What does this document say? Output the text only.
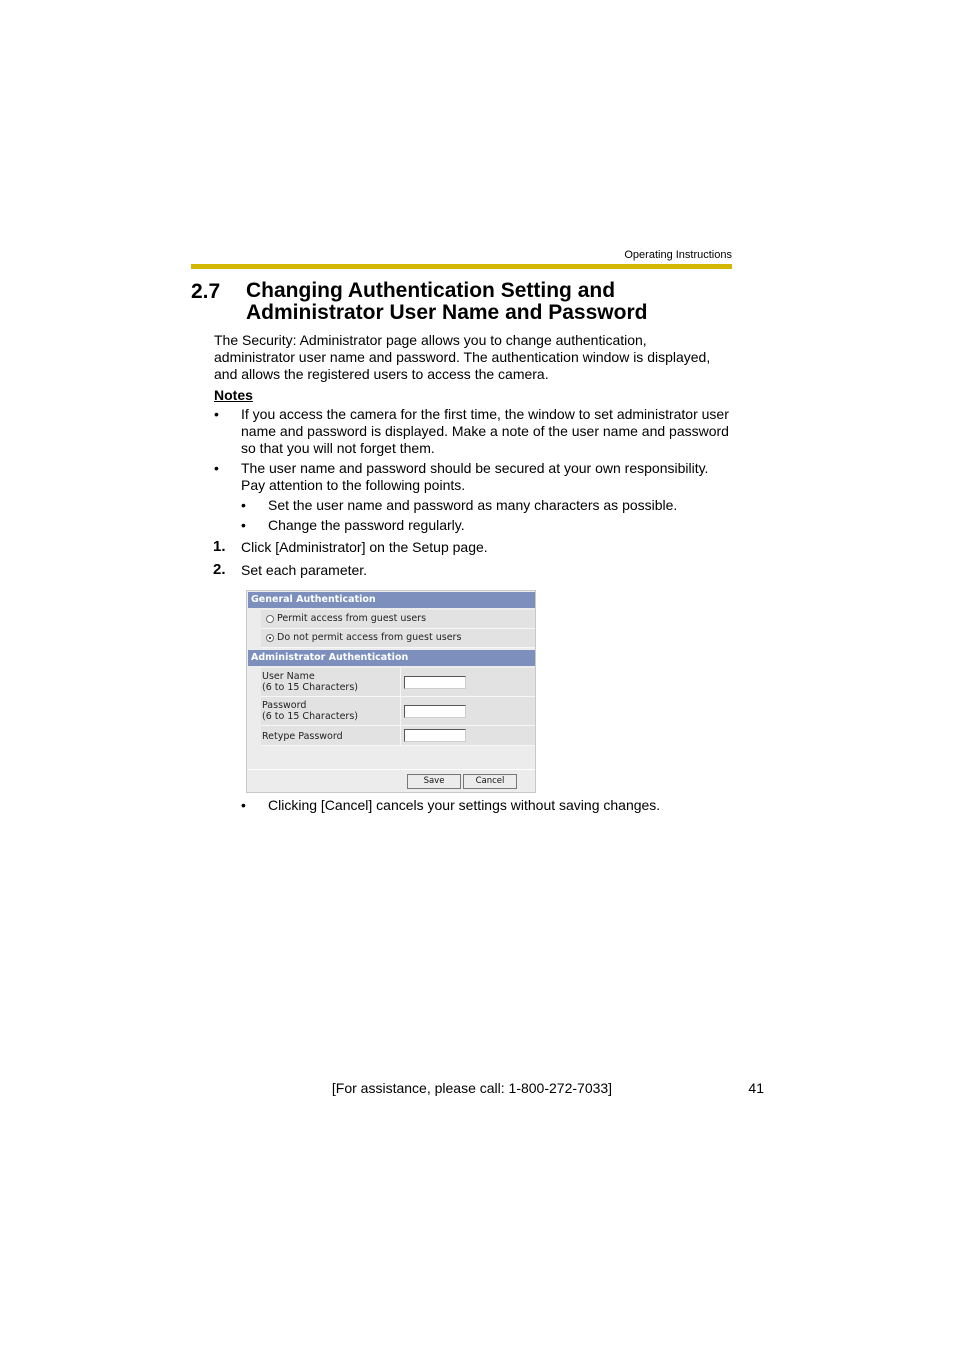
Operating Instructions
2.7 Changing Authentication Setting and
Administrator User Name and Password
The Security: Administrator page allows you to change authentication,
administrator user name and password. The authentication window is displayed,
and allows the registered users to access the camera.
Notes
• If you access the camera for the first time, the window to set administrator user
name and password is displayed. Make a note of the user name and password
so that you will not forget them.
• The user name and password should be secured at your own responsibility.
Pay attention to the following points.
• Set the user name and password as many characters as possible.
• Change the password regularly.
1. Click [Administrator] on the Setup page.
2. Set each parameter.
General Authentication
Permit access from guest users
Do not permit access from guest users
Administrator Authentication
User Name
(6 to 15 Characters)
Password
(6 to 15 Characters)
Retype Password
Save	Cancel
• Clicking [Cancel] cancels your settings without saving changes.
[For assistance, please call: 1-800-272-7033]	41
